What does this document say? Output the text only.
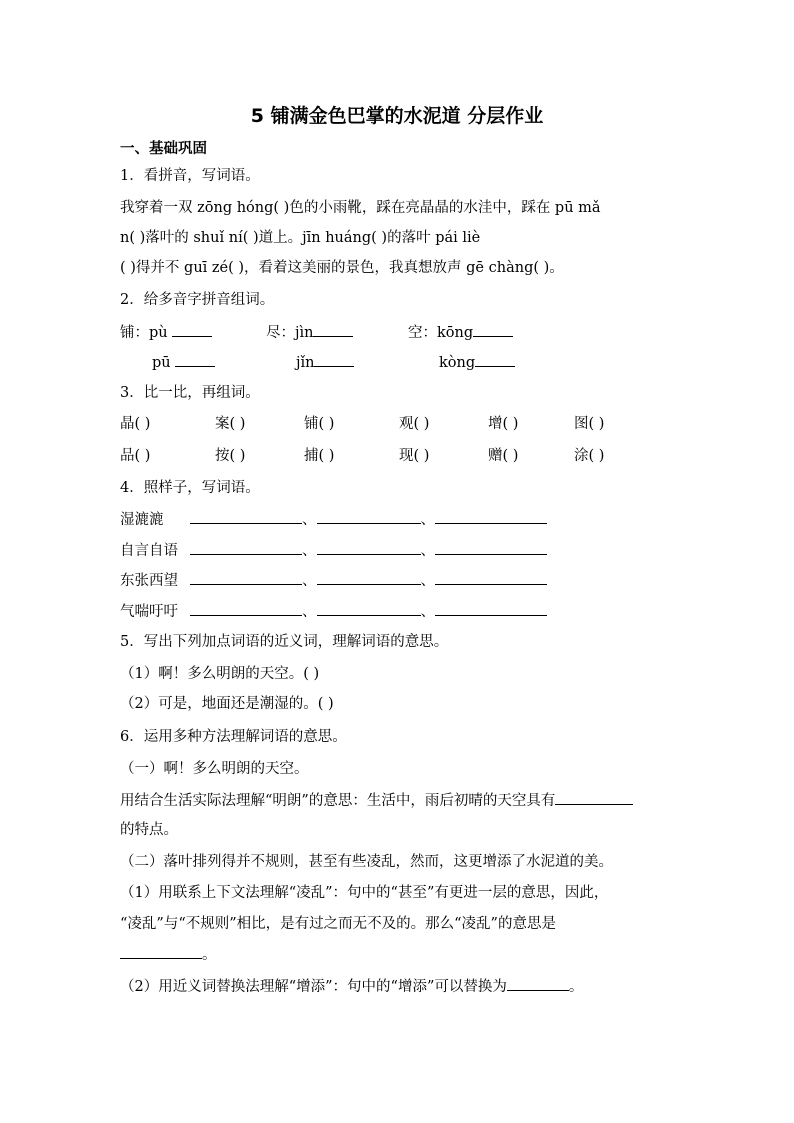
5 铺满金色巴掌的水泥道 分层作业
一、基础巩固
1．看拼音，写词语。
我穿着一双 zōng hóng( )色的小雨靴，踩在亮晶晶的水洼中，踩在 pū mǎ
n( )落叶的 shuǐ ní( )道上。jīn huáng( )的落叶 pái liè
( )得并不 guī zé( )，看着这美丽的景色，我真想放声 gē chàng( )。
2．给多音字拼音组词。
铺：pù	尽：jìn	空：kōng
pū	jǐn	kòng
3．比一比，再组词。
晶( )	案( )	铺( )	观( )	增( )	图( )
品( )	按( )	捕( )	现( )	赠( )	涂( )
4．照样子，写词语。
湿漉漉	、	、
自言自语	、	、
东张西望	、	、
气喘吁吁	、	、
5．写出下列加点词语的近义词，理解词语的意思。
（1）啊！多么明朗的天空。( )
（2）可是，地面还是潮湿的。( )
6．运用多种方法理解词语的意思。
（一）啊！多么明朗的天空。
用结合生活实际法理解“明朗”的意思：生活中，雨后初晴的天空具有
的特点。
（二）落叶排列得并不规则，甚至有些凌乱，然而，这更增添了水泥道的美。
（1）用联系上下文法理解“凌乱”：句中的“甚至”有更进一层的意思，因此，
“凌乱”与“不规则”相比，是有过之而无不及的。那么“凌乱”的意思是
。
（2）用近义词替换法理解“增添”：句中的“增添”可以替换为	。
